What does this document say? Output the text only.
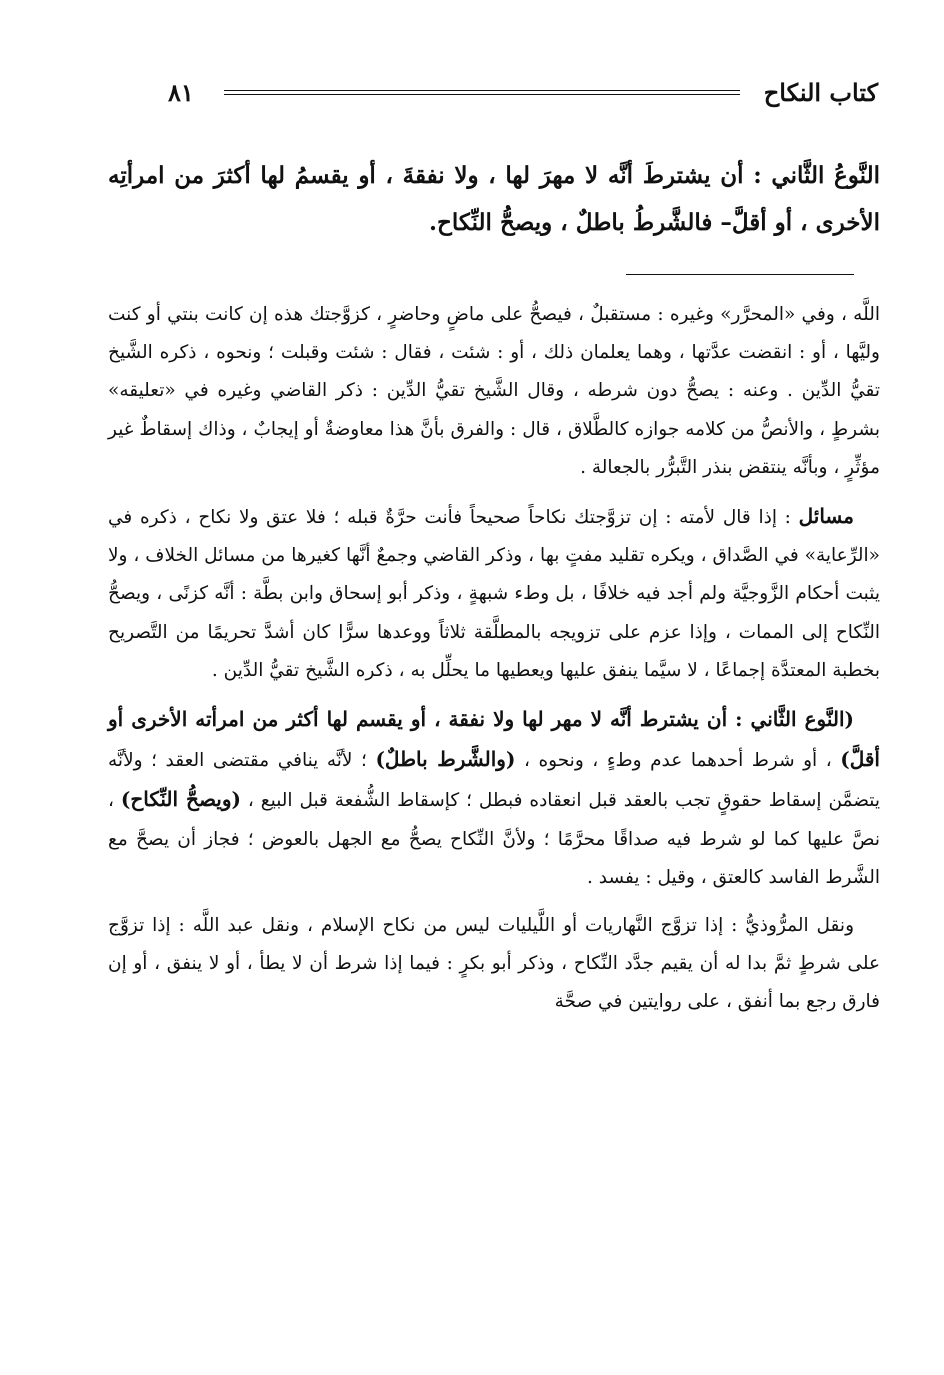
كتاب النكاح
٨١
النَّوعُ الثَّاني : أن يشترطَ أنَّه لا مهرَ لها ، ولا نفقةَ ، أو يقسمُ لها أكثرَ من امرأتِه الأخرى ، أو أقلَّ– فالشَّرطُ باطلٌ ، ويصحُّ النِّكاح.

اللَّه ، وفي «المحرَّر» وغيره : مستقبلٌ ، فيصحُّ على ماضٍ وحاضرٍ ، كزوَّجتك هذه إن كانت بنتي أو كنت وليَّها ، أو : انقضت عدَّتها ، وهما يعلمان ذلك ، أو : شئت ، فقال : شئت وقبلت ؛ ونحوه ، ذكره الشَّيخ تقيُّ الدِّين . وعنه : يصحُّ دون شرطه ، وقال الشَّيخ تقيُّ الدِّين : ذكر القاضي وغيره في «تعليقه» بشرطٍ ، والأنصُّ من كلامه جوازه كالطَّلاق ، قال : والفرق بأنَّ هذا معاوضةٌ أو إيجابٌ ، وذاك إسقاطٌ غير مؤثِّرٍ ، وبأنَّه ينتقض بنذر التَّبرُّر بالجعالة .

مسائل : إذا قال لأمته : إن تزوَّجتك نكاحاً صحيحاً فأنت حرَّةٌ قبله ؛ فلا عتق ولا نكاح ، ذكره في «الرِّعاية» في الصَّداق ، ويكره تقليد مفتٍ بها ، وذكر القاضي وجمعٌ أنَّها كغيرها من مسائل الخلاف ، ولا يثبت أحكام الزَّوجيَّة ولم أجد فيه خلافًا ، بل وطء شبهةٍ ، وذكر أبو إسحاق وابن بطَّة : أنَّه كزنًى ، ويصحُّ النِّكاح إلى الممات ، وإذا عزم على تزويجه بالمطلَّقة ثلاثاً ووعدها سرًّا كان أشدَّ تحريمًا من التَّصريح بخطبة المعتدَّة إجماعًا ، لا سيَّما ينفق عليها ويعطيها ما يحلِّل به ، ذكره الشَّيخ تقيُّ الدِّين .

(النَّوع الثَّاني : أن يشترط أنَّه لا مهر لها ولا نفقة ، أو يقسم لها أكثر من امرأته الأخرى أو أقلَّ) ، أو شرط أحدهما عدم وطءٍ ، ونحوه ، (والشَّرط باطلٌ) ؛ لأنَّه ينافي مقتضى العقد ؛ ولأنَّه يتضمَّن إسقاط حقوقٍ تجب بالعقد قبل انعقاده فبطل ؛ كإسقاط الشُّفعة قبل البيع ، (ويصحُّ النِّكاح) ، نصَّ عليها كما لو شرط فيه صداقًا محرَّمًا ؛ ولأنَّ النِّكاح يصحُّ مع الجهل بالعوض ؛ فجاز أن يصحَّ مع الشَّرط الفاسد كالعتق ، وقيل : يفسد .

ونقل المرُّوذيُّ : إذا تزوَّج النَّهاريات أو اللَّيليات ليس من نكاح الإسلام ، ونقل عبد اللَّه : إذا تزوَّج على شرطٍ ثمَّ بدا له أن يقيم جدَّد النِّكاح ، وذكر أبو بكرٍ : فيما إذا شرط أن لا يطأ ، أو لا ينفق ، أو إن فارق رجع بما أنفق ، على روايتين في صحَّة
